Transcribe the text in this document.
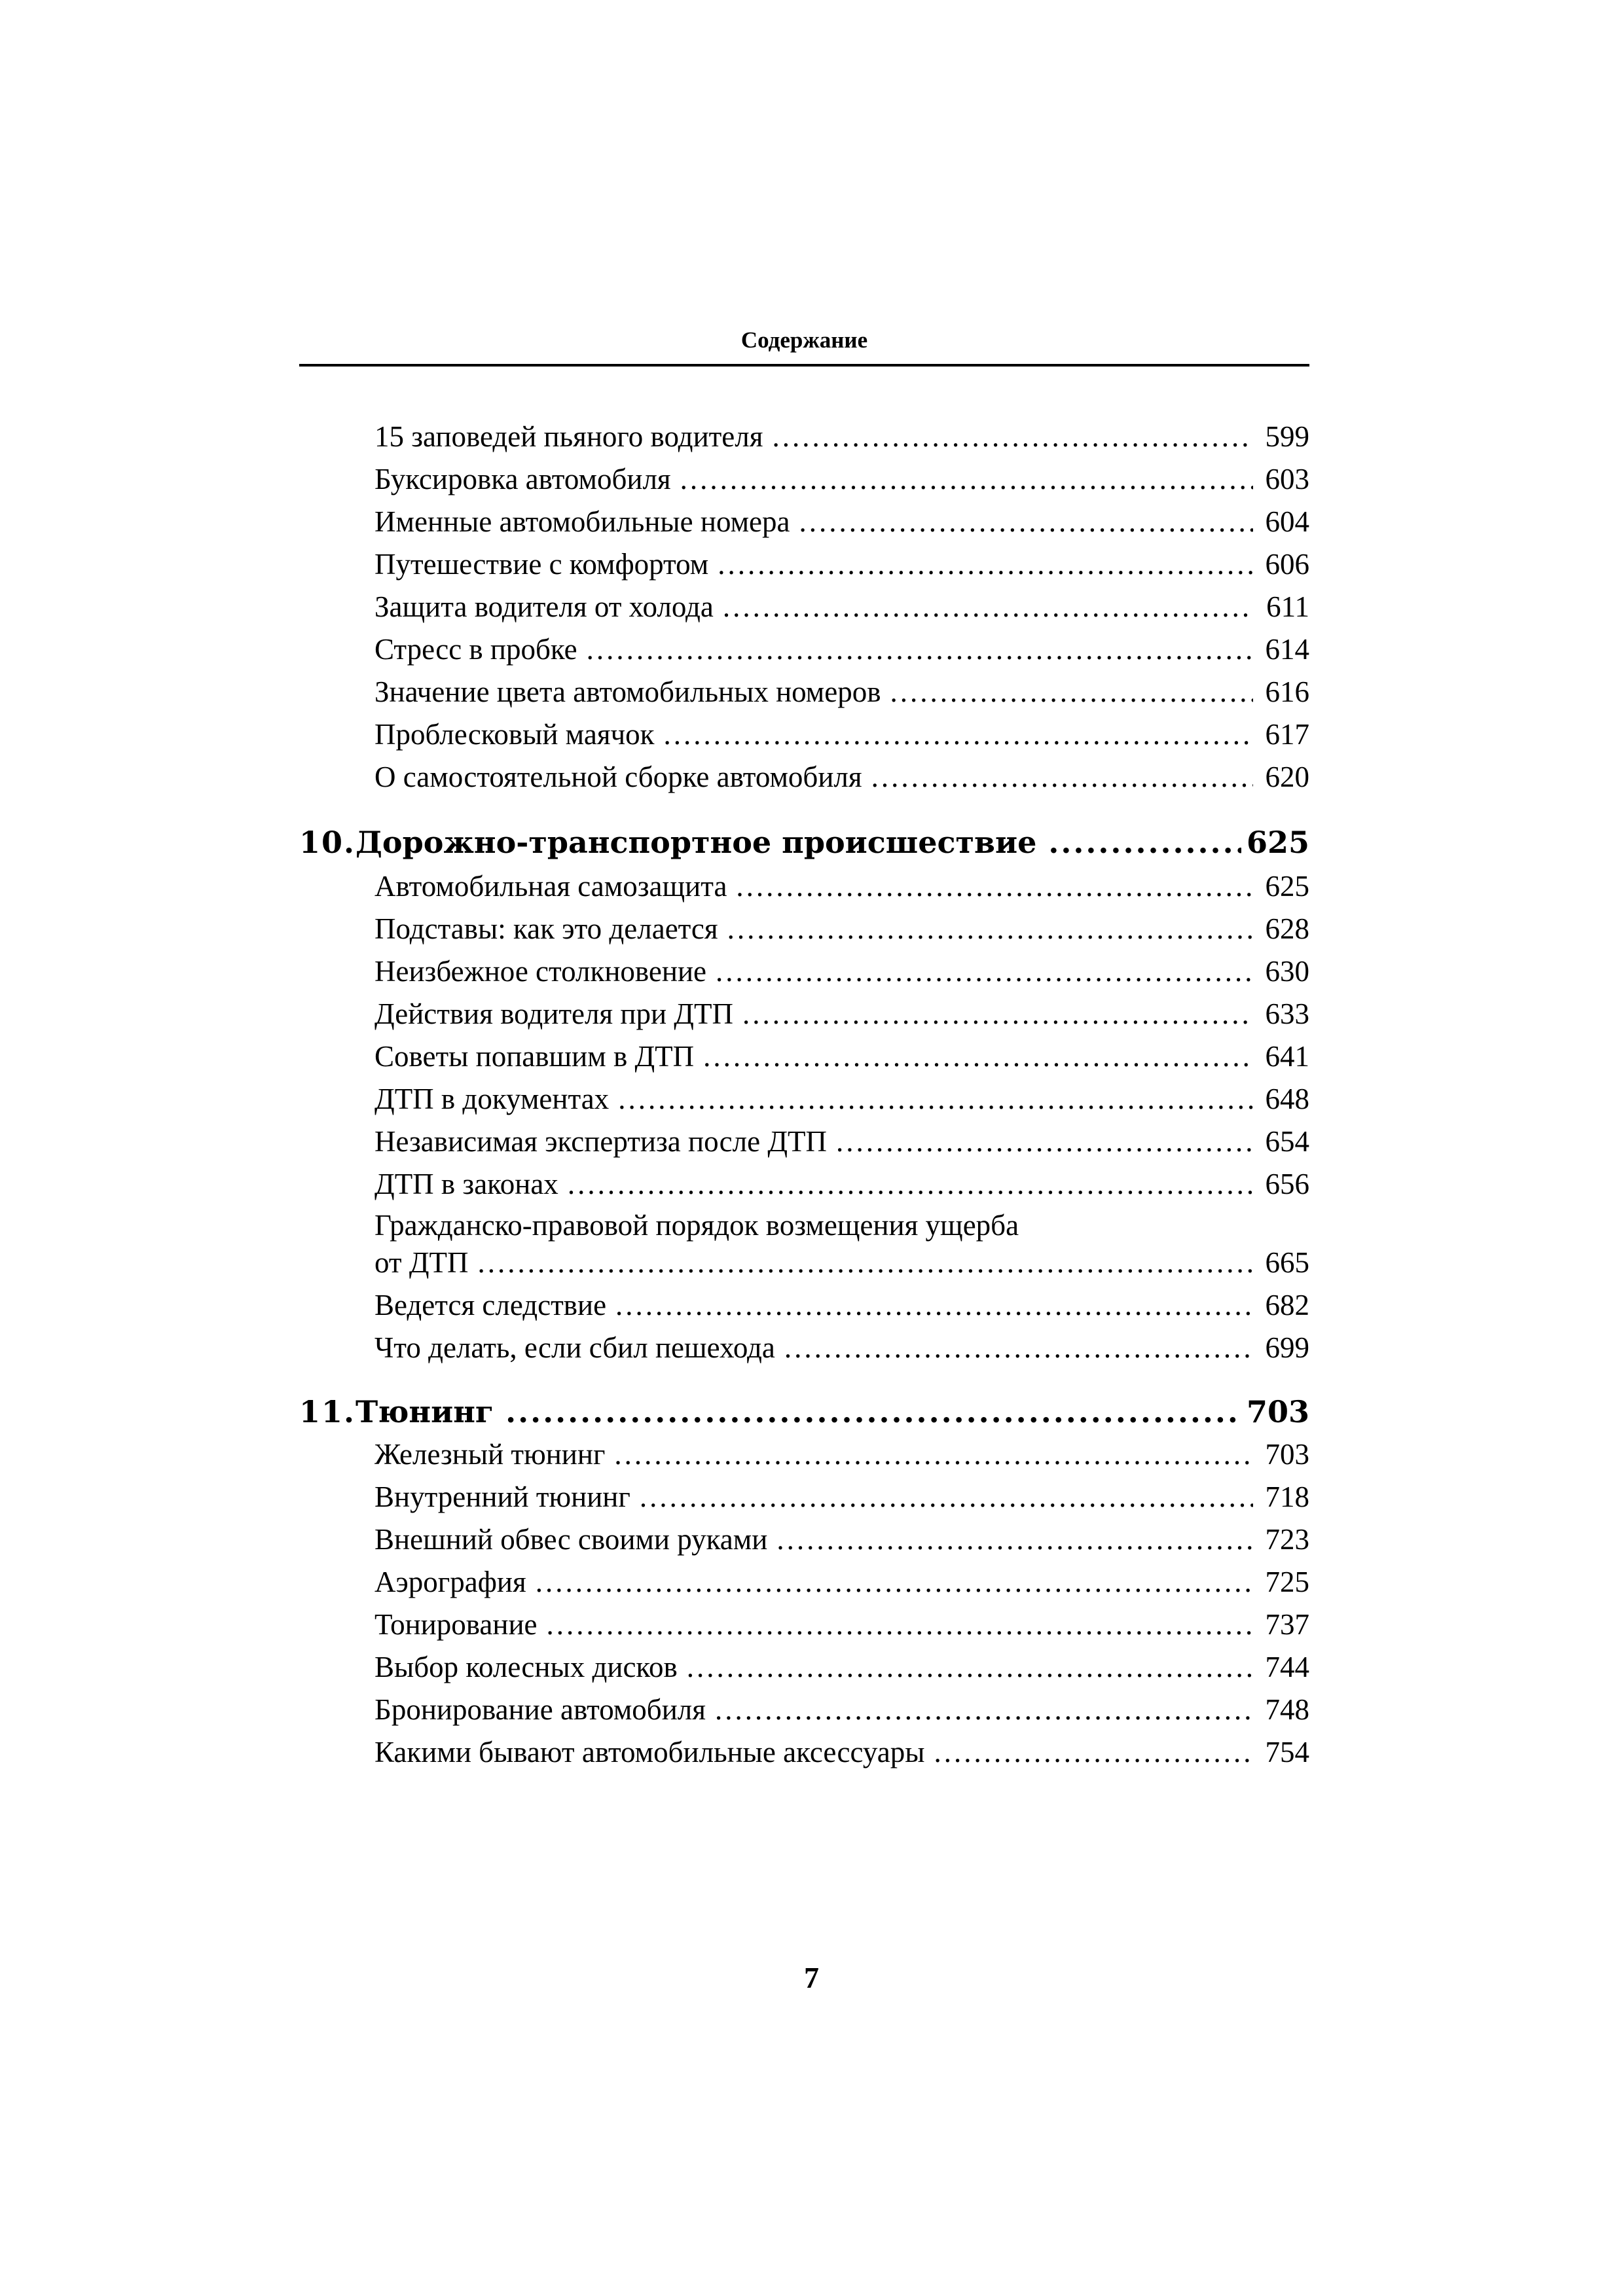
Содержание
15 заповедей пьяного водителя .....	599
Буксировка автомобиля .....	603
Именные автомобильные номера .....	604
Путешествие с комфортом .....	606
Защита водителя от холода .....	611
Стресс в пробке .....	614
Значение цвета автомобильных номеров .....	616
Проблесковый маячок .....	617
О самостоятельной сборке автомобиля .....	620
10. Дорожно-транспортное происшествие .....	625
Автомобильная самозащита .....	625
Подставы: как это делается .....	628
Неизбежное столкновение .....	630
Действия водителя при ДТП .....	633
Советы попавшим в ДТП .....	641
ДТП в документах .....	648
Независимая экспертиза после ДТП .....	654
ДТП в законах .....	656
Гражданско-правовой порядок возмещения ущерба
от ДТП .....	665
Ведется следствие .....	682
Что делать, если сбил пешехода .....	699
11. Тюнинг .....	703
Железный тюнинг .....	703
Внутренний тюнинг .....	718
Внешний обвес своими руками .....	723
Аэрография .....	725
Тонирование .....	737
Выбор колесных дисков .....	744
Бронирование автомобиля .....	748
Какими бывают автомобильные аксессуары .....	754
7
